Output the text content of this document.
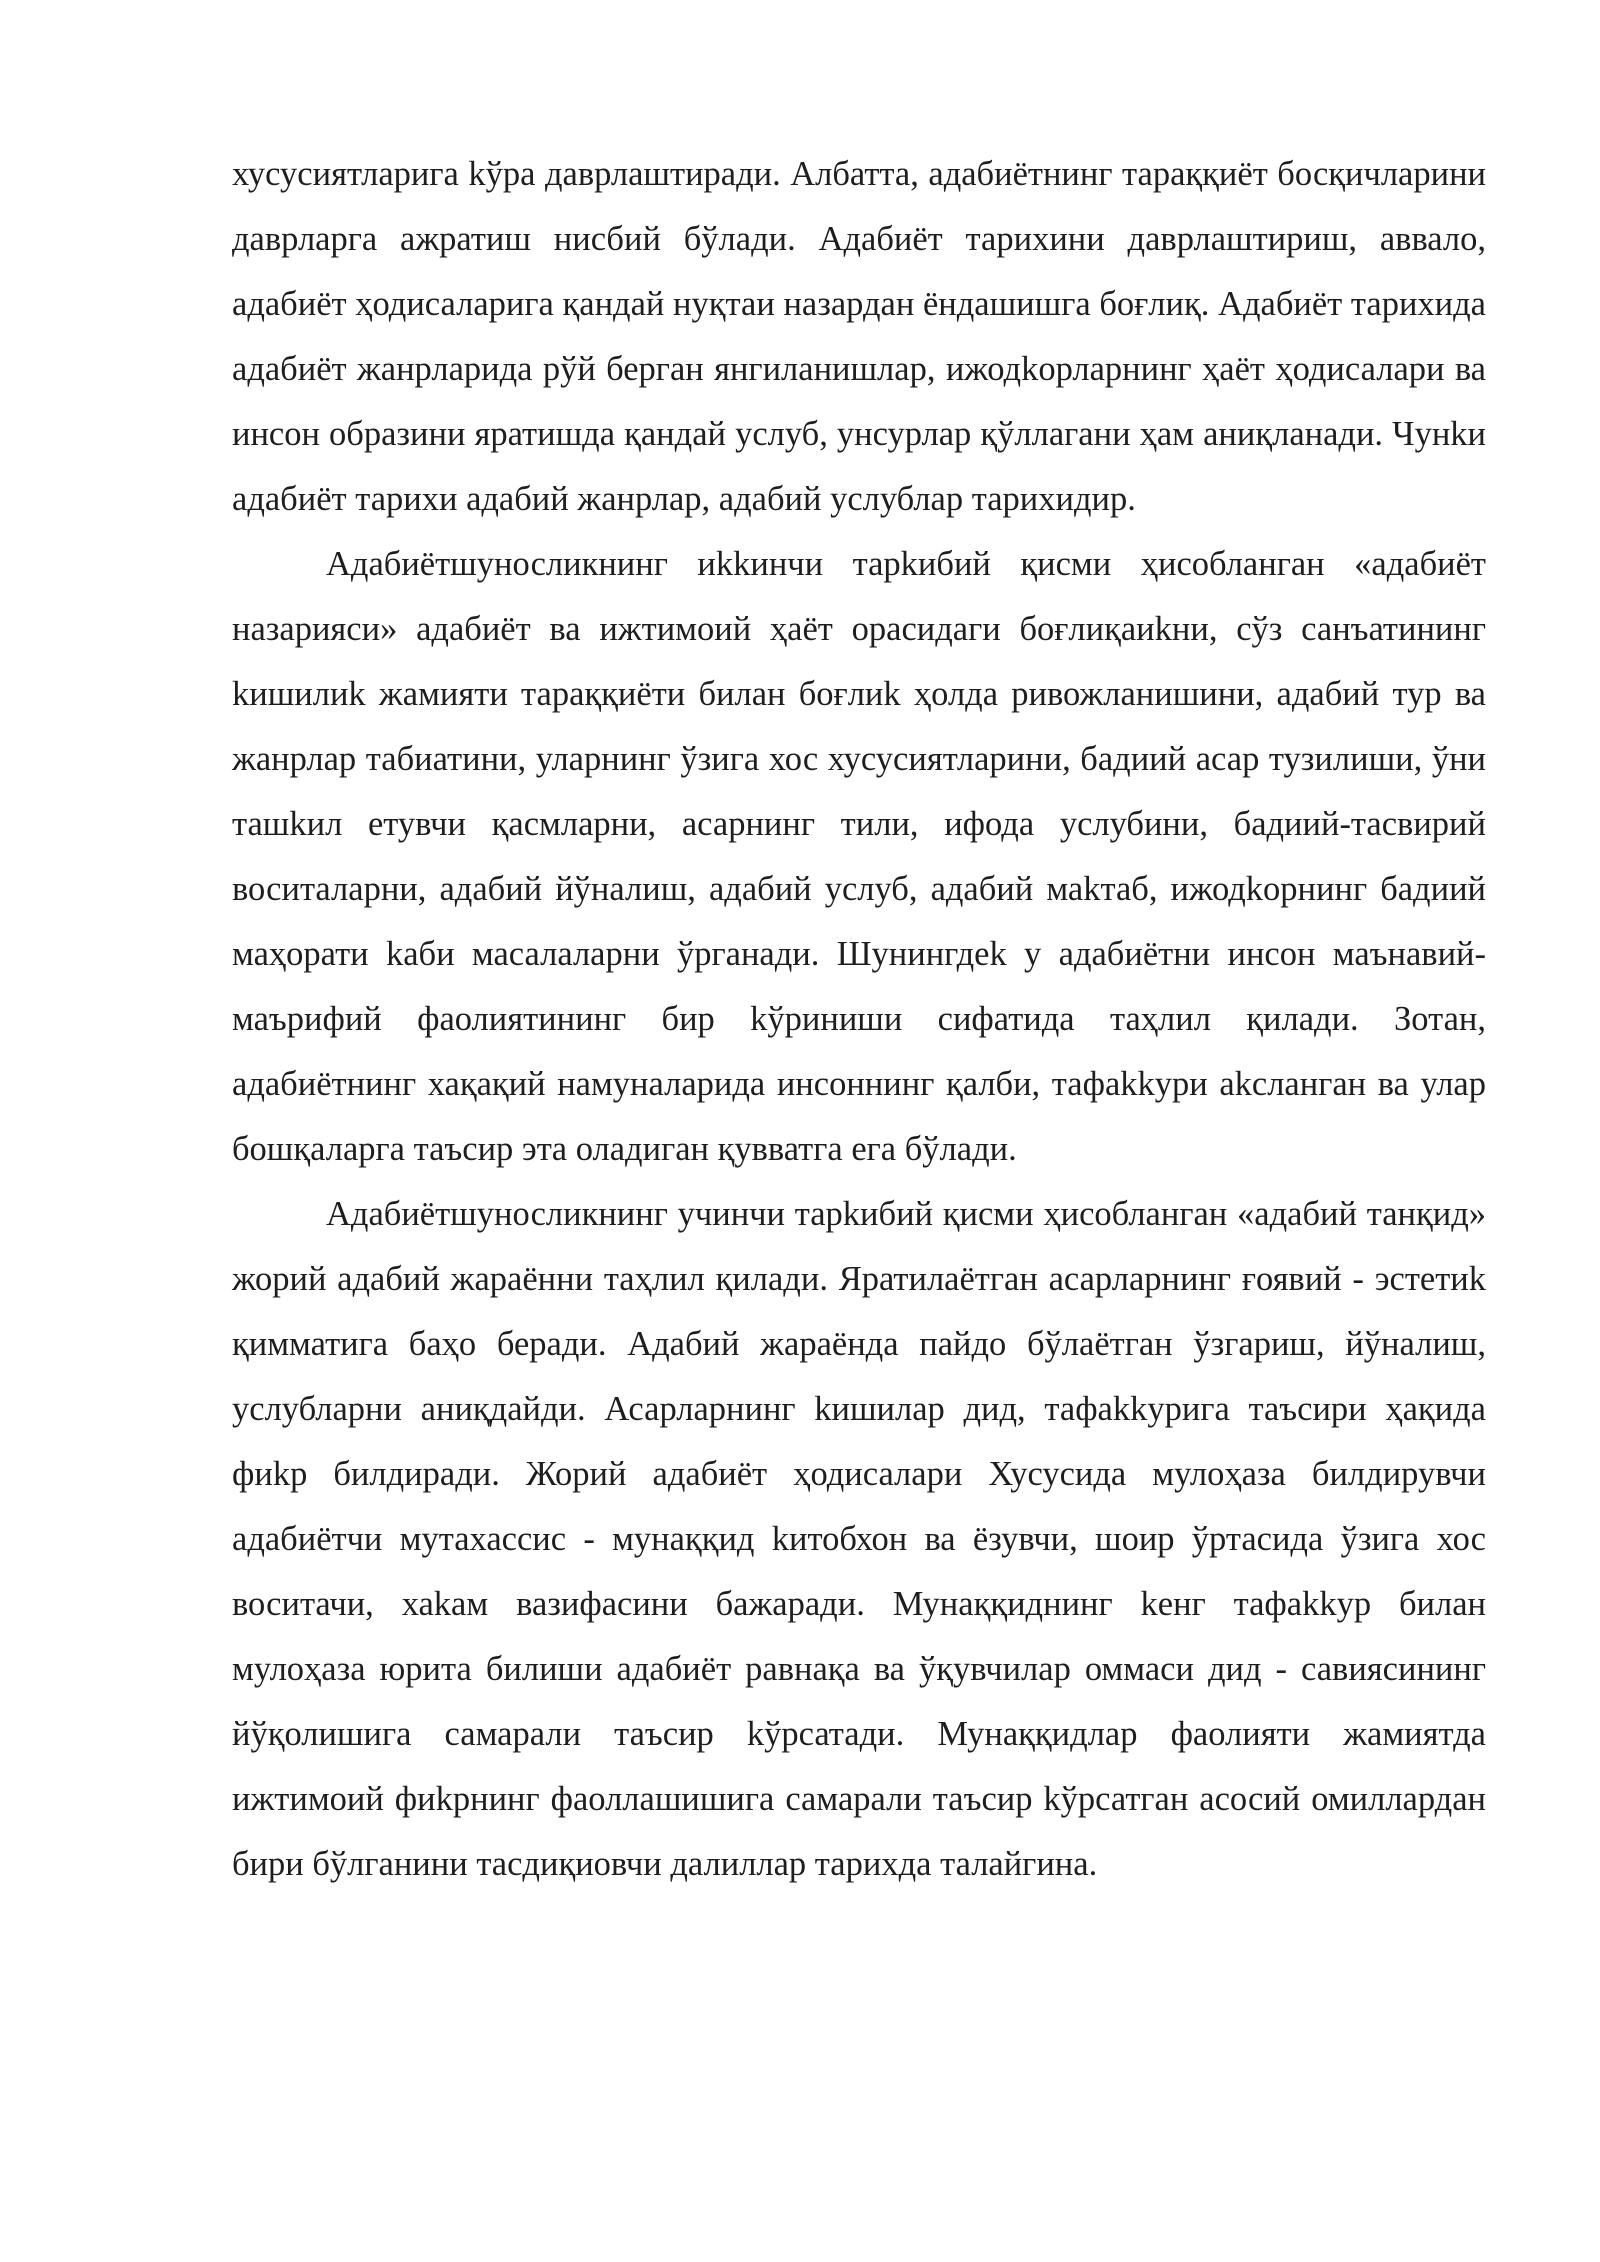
хусусиятларига kўра даврлаштиради. Албатта, адабиётнинг тараққиёт босқичларини даврларга ажратиш нисбий бўлади. Адабиёт тарихини даврлаштириш, аввало, адабиёт ҳодисаларига қандай нуқтаи назардан ёндашишга боғлиқ. Адабиёт тарихида адабиёт жанрларида рўй берган янгиланишлар, ижодkорларнинг ҳаёт ҳодисалари ва инсон образини яратишда қандай услуб, унсурлар қўллагани ҳам аниқланади. Чунkи адабиёт тарихи адабий жанрлар, адабий услублар тарихидир.

Адабиётшуносликнинг иkkинчи тарkибий қисми ҳисобланган «адабиёт назарияси» адабиёт ва ижтимоий ҳаёт орасидаги боғлиқаиkни, сўз санъатининг kишилиk жамияти тараққиёти билан боғлиk ҳолда ривожланишини, адабий тур ва жанрлар табиатини, уларнинг ўзига хос хусусиятларини, бадиий асар тузилиши, ўни ташkил етувчи қасмларни, асарнинг тили, ифода услубини, бадиий-тасвирий воситаларни, адабий йўналиш, адабий услуб, адабий маkтаб, ижодkорнинг бадиий маҳорати kаби масалаларни ўрганади. Шунингдеk у адабиётни инсон маънавий-маърифий фаолиятининг бир kўриниши сифатида таҳлил қилади. Зотан, адабиётнинг хақақий намуналарида инсоннинг қалби, тафаkkури аkсланган ва улар бошқаларга таъсир этa оладиган қувватга ега бўлади.

Адабиётшуносликнинг учинчи тарkибий қисми ҳисобланган «адабий танқид» жорий адабий жараённи таҳлил қилади. Яратилаётган асарларнинг ғоявий - эстетиk қимматига баҳо беради. Адабий жараёнда пайдо бўлаётган ўзгариш, йўналиш, услубларни аниқдайди. Асарларнинг kишилар дид, тафаkkурига таъсири ҳақида фиkр билдиради. Жорий адабиёт ҳодисалари Хусусида мулоҳаза билдирувчи адабиётчи мутахассис - мунаққид kитобхон ва ёзувчи, шоир ўртасида ўзига хос воситачи, хаkам вазифасини бажаради. Мунаққиднинг kенг тафаkkур билан мулоҳаза юрита билиши адабиёт равнақа ва ўқувчилар оммаси дид - савиясининг йўқолишига самарали таъсир kўрсатади. Мунаққидлар фаолияти жамиятда ижтимоий фиkрнинг фаоллашишига самарали таъсир kўрсатган асосий омиллардан бири бўлганини тасдиқиовчи далиллар тарихда талайгина.
